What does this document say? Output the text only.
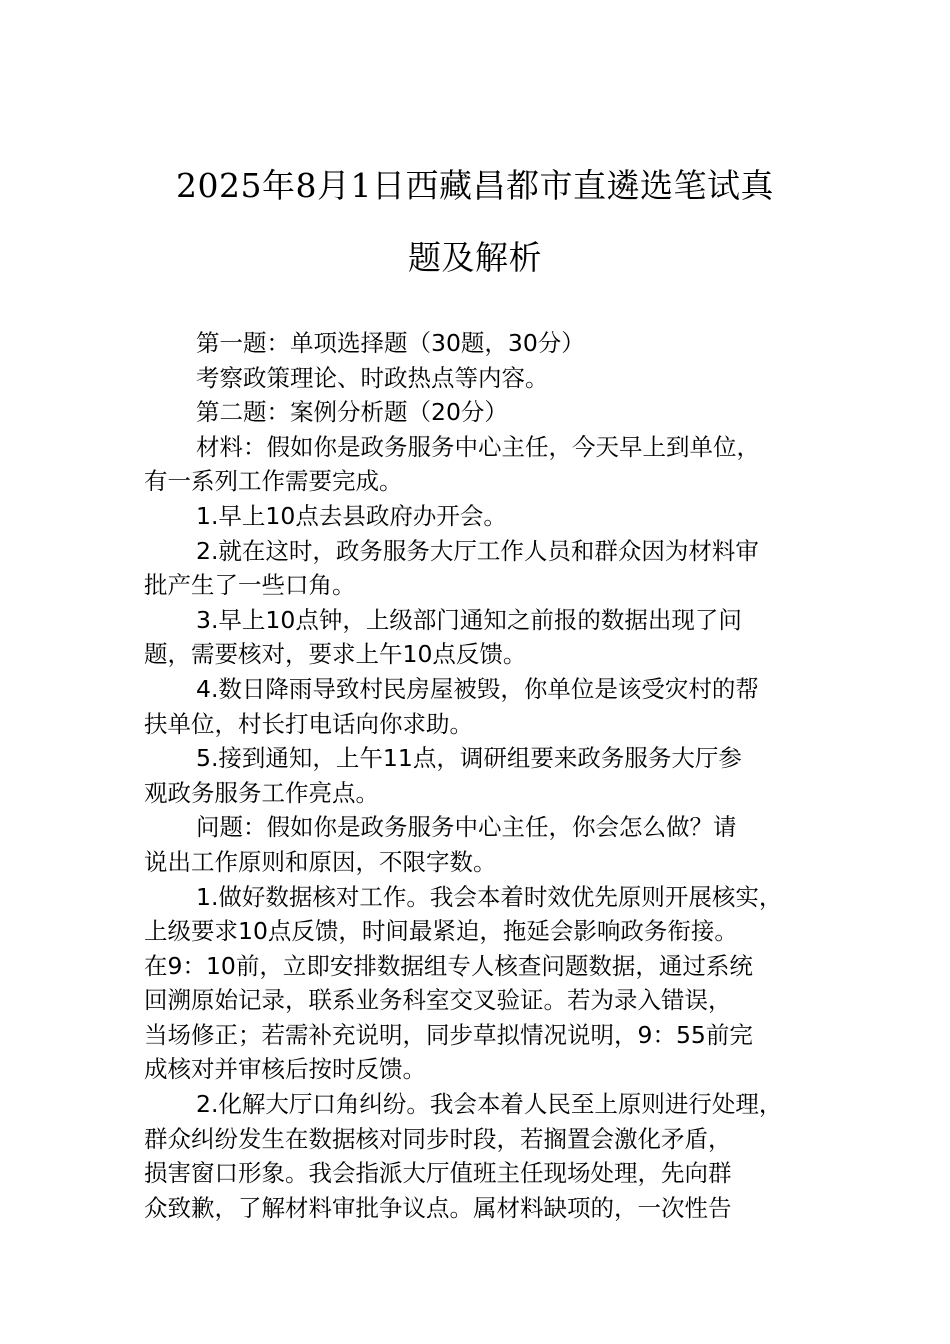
2025年8月1日西藏昌都市直遴选笔试真
题及解析
第一题：单项选择题（30题，30分）
考察政策理论、时政热点等内容。
第二题：案例分析题（20分）
材料：假如你是政务服务中心主任，今天早上到单位，
有一系列工作需要完成。
1.早上10点去县政府办开会。
2.就在这时，政务服务大厅工作人员和群众因为材料审
批产生了一些口角。
3.早上10点钟，上级部门通知之前报的数据出现了问
题，需要核对，要求上午10点反馈。
4.数日降雨导致村民房屋被毁，你单位是该受灾村的帮
扶单位，村长打电话向你求助。
5.接到通知，上午11点，调研组要来政务服务大厅参
观政务服务工作亮点。
问题：假如你是政务服务中心主任，你会怎么做？请
说出工作原则和原因，不限字数。
1.做好数据核对工作。我会本着时效优先原则开展核实，
上级要求10点反馈，时间最紧迫，拖延会影响政务衔接。
在9：10前，立即安排数据组专人核查问题数据，通过系统
回溯原始记录，联系业务科室交叉验证。若为录入错误，
当场修正；若需补充说明，同步草拟情况说明，9：55前完
成核对并审核后按时反馈。
2.化解大厅口角纠纷。我会本着人民至上原则进行处理，
群众纠纷发生在数据核对同步时段，若搁置会激化矛盾，
损害窗口形象。我会指派大厅值班主任现场处理，先向群
众致歉，了解材料审批争议点。属材料缺项的，一次性告
